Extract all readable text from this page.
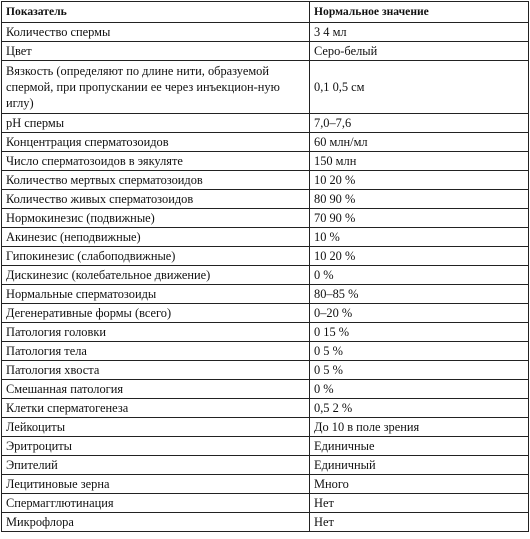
Показатель	Нормальное значение
Количество спермы	3 4 мл
Цвет	Серо-белый
Вязкость (определяют по длине нити, образуемой спермой, при пропускании ее через инъекцион-ную иглу)	0,1 0,5 см
pH спермы	7,0–7,6
Концентрация сперматозоидов	60 млн/мл
Число сперматозоидов в эякуляте	150 млн
Количество мертвых сперматозоидов	10 20 %
Количество живых сперматозоидов	80 90 %
Нормокинезис (подвижные)	70 90 %
Акинезис (неподвижные)	10 %
Гипокинезис (слабоподвижные)	10 20 %
Дискинезис (колебательное движение)	0 %
Нормальные сперматозоиды	80–85 %
Дегенеративные формы (всего)	0–20 %
Патология головки	0 15 %
Патология тела	0 5 %
Патология хвоста	0 5 %
Смешанная патология	0 %
Клетки сперматогенеза	0,5 2 %
Лейкоциты	До 10 в поле зрения
Эритроциты	Единичные
Эпителий	Единичный
Лецитиновые зерна	Много
Спермагглютинация	Нет
Микрофлора	Нет
